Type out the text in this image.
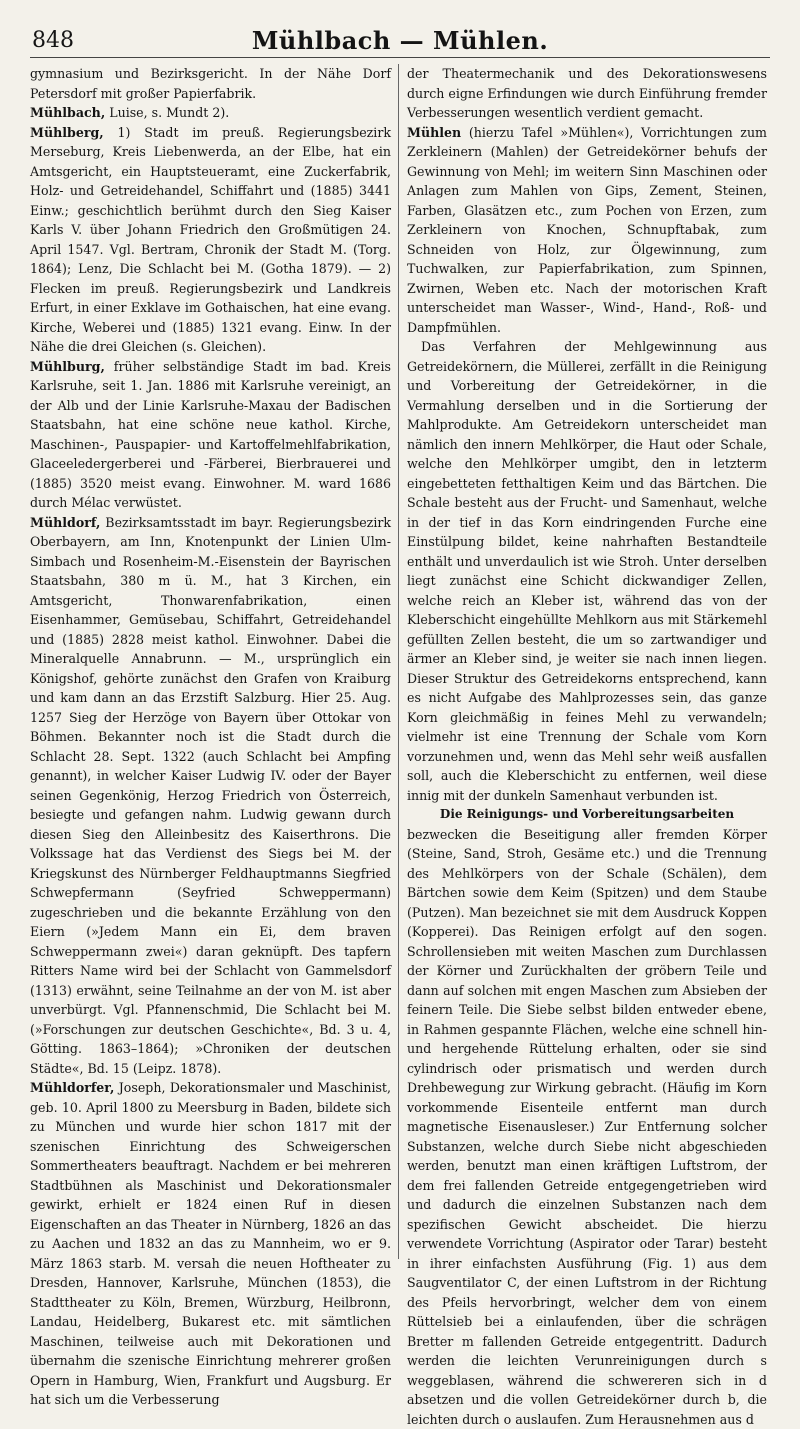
848	Mühlbach — Mühlen.

gymnasium und Bezirksgericht. In der Nähe Dorf Petersdorf mit großer Papierfabrik.

Mühlbach, Luise, s. Mundt 2).

Mühlberg, 1) Stadt im preuß. Regierungsbezirk Merseburg, Kreis Liebenwerda, an der Elbe, hat ein Amtsgericht, ein Hauptsteueramt, eine Zuckerfabrik, Holz- und Getreidehandel, Schiffahrt und (1885) 3441 Einw.; geschichtlich berühmt durch den Sieg Kaiser Karls V. über Johann Friedrich den Großmütigen 24. April 1547. Vgl. Bertram, Chronik der Stadt M. (Torg. 1864); Lenz, Die Schlacht bei M. (Gotha 1879). — 2) Flecken im preuß. Regierungsbezirk und Landkreis Erfurt, in einer Exklave im Gothaischen, hat eine evang. Kirche, Weberei und (1885) 1321 evang. Einw. In der Nähe die drei Gleichen (s. Gleichen).

Mühlburg, früher selbständige Stadt im bad. Kreis Karlsruhe, seit 1. Jan. 1886 mit Karlsruhe vereinigt, an der Alb und der Linie Karlsruhe-Maxau der Badischen Staatsbahn, hat eine schöne neue kathol. Kirche, Maschinen-, Pauspapier- und Kartoffelmehlfabrikation, Glaceeledergerberei und -Färberei, Bierbrauerei und (1885) 3520 meist evang. Einwohner. M. ward 1686 durch Mélac verwüstet.

Mühldorf, Bezirksamtsstadt im bayr. Regierungsbezirk Oberbayern, am Inn, Knotenpunkt der Linien Ulm-Simbach und Rosenheim-M.-Eisenstein der Bayrischen Staatsbahn, 380 m ü. M., hat 3 Kirchen, ein Amtsgericht, Thonwarenfabrikation, einen Eisenhammer, Gemüsebau, Schiffahrt, Getreidehandel und (1885) 2828 meist kathol. Einwohner. Dabei die Mineralquelle Annabrunn. — M., ursprünglich ein Königshof, gehörte zunächst den Grafen von Kraiburg und kam dann an das Erzstift Salzburg. Hier 25. Aug. 1257 Sieg der Herzöge von Bayern über Ottokar von Böhmen. Bekannter noch ist die Stadt durch die Schlacht 28. Sept. 1322 (auch Schlacht bei Ampfing genannt), in welcher Kaiser Ludwig IV. oder der Bayer seinen Gegenkönig, Herzog Friedrich von Österreich, besiegte und gefangen nahm. Ludwig gewann durch diesen Sieg den Alleinbesitz des Kaiserthrons. Die Volkssage hat das Verdienst des Siegs bei M. der Kriegskunst des Nürnberger Feldhauptmanns Siegfried Schwepfermann (Seyfried Schweppermann) zugeschrieben und die bekannte Erzählung von den Eiern (»Jedem Mann ein Ei, dem braven Schweppermann zwei«) daran geknüpft. Des tapfern Ritters Name wird bei der Schlacht von Gammelsdorf (1313) erwähnt, seine Teilnahme an der von M. ist aber unverbürgt. Vgl. Pfannenschmid, Die Schlacht bei M. (»Forschungen zur deutschen Geschichte«, Bd. 3 u. 4, Götting. 1863–1864); »Chroniken der deutschen Städte«, Bd. 15 (Leipz. 1878).

Mühldorfer, Joseph, Dekorationsmaler und Maschinist, geb. 10. April 1800 zu Meersburg in Baden, bildete sich zu München und wurde hier schon 1817 mit der szenischen Einrichtung des Schweigerschen Sommertheaters beauftragt. Nachdem er bei mehreren Stadtbühnen als Maschinist und Dekorationsmaler gewirkt, erhielt er 1824 einen Ruf in diesen Eigenschaften an das Theater in Nürnberg, 1826 an das zu Aachen und 1832 an das zu Mannheim, wo er 9. März 1863 starb. M. versah die neuen Hoftheater zu Dresden, Hannover, Karlsruhe, München (1853), die Stadttheater zu Köln, Bremen, Würzburg, Heilbronn, Landau, Heidelberg, Bukarest etc. mit sämtlichen Maschinen, teilweise auch mit Dekorationen und übernahm die szenische Einrichtung mehrerer großen Opern in Hamburg, Wien, Frankfurt und Augsburg. Er hat sich um die Verbesserung

der Theatermechanik und des Dekorationswesens durch eigne Erfindungen wie durch Einführung fremder Verbesserungen wesentlich verdient gemacht.

Mühlen (hierzu Tafel »Mühlen«), Vorrichtungen zum Zerkleinern (Mahlen) der Getreidekörner behufs der Gewinnung von Mehl; im weitern Sinn Maschinen oder Anlagen zum Mahlen von Gips, Zement, Steinen, Farben, Glasätzen etc., zum Pochen von Erzen, zum Zerkleinern von Knochen, Schnupftabak, zum Schneiden von Holz, zur Ölgewinnung, zum Tuchwalken, zur Papierfabrikation, zum Spinnen, Zwirnen, Weben etc. Nach der motorischen Kraft unterscheidet man Wasser-, Wind-, Hand-, Roß- und Dampfmühlen.

Das Verfahren der Mehlgewinnung aus Getreidekörnern, die Müllerei, zerfällt in die Reinigung und Vorbereitung der Getreidekörner, in die Vermahlung derselben und in die Sortierung der Mahlprodukte. Am Getreidekorn unterscheidet man nämlich den innern Mehlkörper, die Haut oder Schale, welche den Mehlkörper umgibt, den in letzterm eingebetteten fetthaltigen Keim und das Bärtchen. Die Schale besteht aus der Frucht- und Samenhaut, welche in der tief in das Korn eindringenden Furche eine Einstülpung bildet, keine nahrhaften Bestandteile enthält und unverdaulich ist wie Stroh. Unter derselben liegt zunächst eine Schicht dickwandiger Zellen, welche reich an Kleber ist, während das von der Kleberschicht eingehüllte Mehlkorn aus mit Stärkemehl gefüllten Zellen besteht, die um so zartwandiger und ärmer an Kleber sind, je weiter sie nach innen liegen. Dieser Struktur des Getreidekorns entsprechend, kann es nicht Aufgabe des Mahlprozesses sein, das ganze Korn gleichmäßig in feines Mehl zu verwandeln; vielmehr ist eine Trennung der Schale vom Korn vorzunehmen und, wenn das Mehl sehr weiß ausfallen soll, auch die Kleberschicht zu entfernen, weil diese innig mit der dunkeln Samenhaut verbunden ist.

Die Reinigungs- und Vorbereitungsarbeiten

bezwecken die Beseitigung aller fremden Körper (Steine, Sand, Stroh, Gesäme etc.) und die Trennung des Mehlkörpers von der Schale (Schälen), dem Bärtchen sowie dem Keim (Spitzen) und dem Staube (Putzen). Man bezeichnet sie mit dem Ausdruck Koppen (Kopperei). Das Reinigen erfolgt auf den sogen. Schrollensieben mit weiten Maschen zum Durchlassen der Körner und Zurückhalten der gröbern Teile und dann auf solchen mit engen Maschen zum Absieben der feinern Teile. Die Siebe selbst bilden entweder ebene, in Rahmen gespannte Flächen, welche eine schnell hin- und hergehende Rüttelung erhalten, oder sie sind cylindrisch oder prismatisch und werden durch Drehbewegung zur Wirkung gebracht. (Häufig im Korn vorkommende Eisenteile entfernt man durch magnetische Eisenausleser.) Zur Entfernung solcher Substanzen, welche durch Siebe nicht abgeschieden werden, benutzt man einen kräftigen Luftstrom, der dem frei fallenden Getreide entgegengetrieben wird und dadurch die einzelnen Substanzen nach dem spezifischen Gewicht abscheidet. Die hierzu verwendete Vorrichtung (Aspirator oder Tarar) besteht in ihrer einfachsten Ausführung (Fig. 1) aus dem Saugventilator C, der einen Luftstrom in der Richtung des Pfeils hervorbringt, welcher dem von einem Rüttelsieb bei a einlaufenden, über die schrägen Bretter m fallenden Getreide entgegentritt. Dadurch werden die leichten Verunreinigungen durch s weggeblasen, während die schwereren sich in d absetzen und die vollen Getreidekörner durch b, die leichten durch o auslaufen. Zum Herausnehmen aus d
